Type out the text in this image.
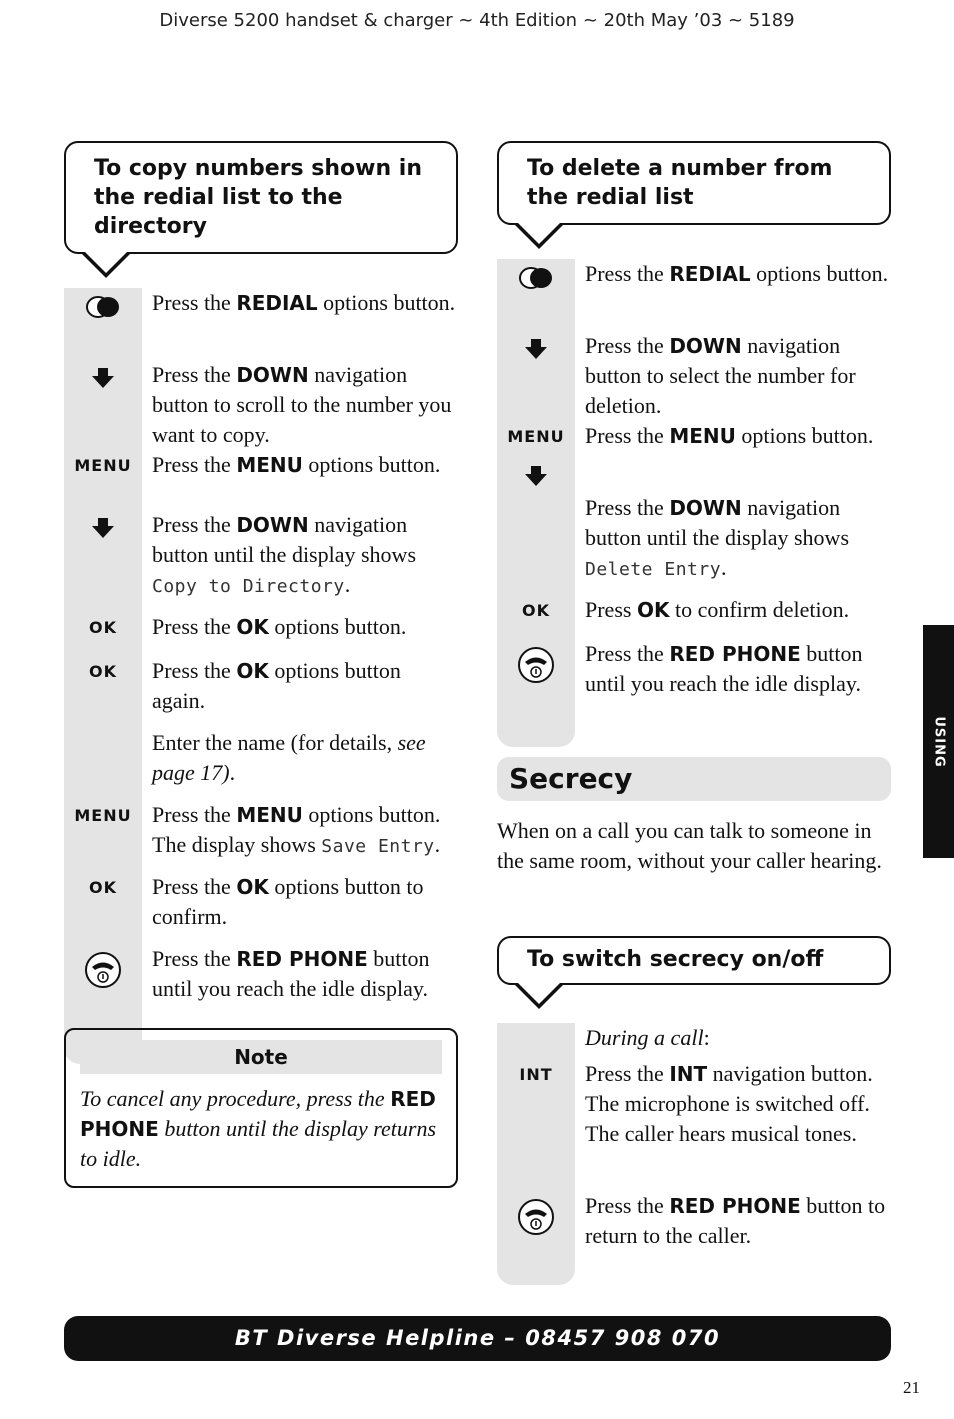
Diverse 5200 handset & charger ~ 4th Edition ~ 20th May ’03 ~ 5189
To copy numbers shown in the redial list to the directory
Press the REDIAL options button.
Press the DOWN navigation button to scroll to the number you want to copy.
MENU Press the MENU options button.
Press the DOWN navigation button until the display shows Copy to Directory.
OK	Press the OK options button.
OK	Press the OK options button again.
Enter the name (for details, see page 17).
MENU Press the MENU options button. The display shows Save Entry.
OK	Press the OK options button to confirm.
Press the RED PHONE button until you reach the idle display.
Note
To cancel any procedure, press the RED PHONE button until the display returns to idle.
To delete a number from the redial list
Press the REDIAL options button.
Press the DOWN navigation button to select the number for deletion.
MENU Press the MENU options button.
Press the DOWN navigation button until the display shows Delete Entry.
OK	Press OK to confirm deletion.
Press the RED PHONE button until you reach the idle display.
Secrecy
When on a call you can talk to someone in the same room, without your caller hearing.
To switch secrecy on/off
During a call:
INT	Press the INT navigation button. The microphone is switched off. The caller hears musical tones.
Press the RED PHONE button to return to the caller.
USING
BT Diverse Helpline – 08457 908 070
21
